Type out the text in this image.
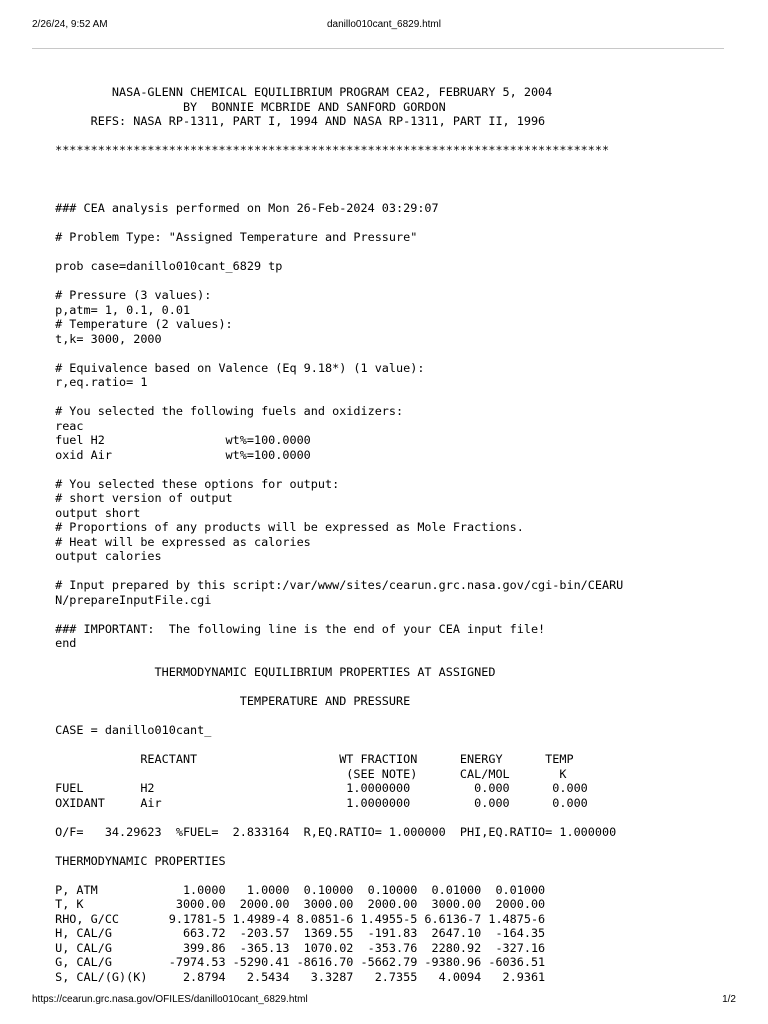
2/26/24, 9:52 AM	danillo010cant_6829.html
NASA-GLENN CHEMICAL EQUILIBRIUM PROGRAM CEA2, FEBRUARY 5, 2004
BY  BONNIE MCBRIDE AND SANFORD GORDON
REFS: NASA RP-1311, PART I, 1994 AND NASA RP-1311, PART II, 1996
******************************************************************************
### CEA analysis performed on Mon 26-Feb-2024 03:29:07
# Problem Type: "Assigned Temperature and Pressure"
prob case=danillo010cant_6829 tp
# Pressure (3 values):
p,atm= 1, 0.1, 0.01
# Temperature (2 values):
t,k= 3000, 2000
# Equivalence based on Valence (Eq 9.18*) (1 value):
r,eq.ratio= 1
# You selected the following fuels and oxidizers:
reac
fuel H2                 wt%=100.0000
oxid Air                wt%=100.0000
# You selected these options for output:
# short version of output
output short
# Proportions of any products will be expressed as Mole Fractions.
# Heat will be expressed as calories
output calories
# Input prepared by this script:/var/www/sites/cearun.grc.nasa.gov/cgi-bin/CEARU
N/prepareInputFile.cgi
### IMPORTANT:  The following line is the end of your CEA input file!
end
THERMODYNAMIC EQUILIBRIUM PROPERTIES AT ASSIGNED
TEMPERATURE AND PRESSURE
CASE = danillo010cant_
REACTANT                    WT FRACTION      ENERGY      TEMP
(SEE NOTE)      CAL/MOL       K
FUEL        H2                           1.0000000         0.000      0.000
OXIDANT     Air                          1.0000000         0.000      0.000
O/F=   34.29623  %FUEL=  2.833164  R,EQ.RATIO= 1.000000  PHI,EQ.RATIO= 1.000000
THERMODYNAMIC PROPERTIES
P, ATM            1.0000   1.0000  0.10000  0.10000  0.01000  0.01000
T, K             3000.00  2000.00  3000.00  2000.00  3000.00  2000.00
RHO, G/CC       9.1781-5 1.4989-4 8.0851-6 1.4955-5 6.6136-7 1.4875-6
H, CAL/G          663.72  -203.57  1369.55  -191.83  2647.10  -164.35
U, CAL/G          399.86  -365.13  1070.02  -353.76  2280.92  -327.16
G, CAL/G        -7974.53 -5290.41 -8616.70 -5662.79 -9380.96 -6036.51
S, CAL/(G)(K)     2.8794   2.5434   3.3287   2.7355   4.0094   2.9361
https://cearun.grc.nasa.gov/OFILES/danillo010cant_6829.html	1/2
